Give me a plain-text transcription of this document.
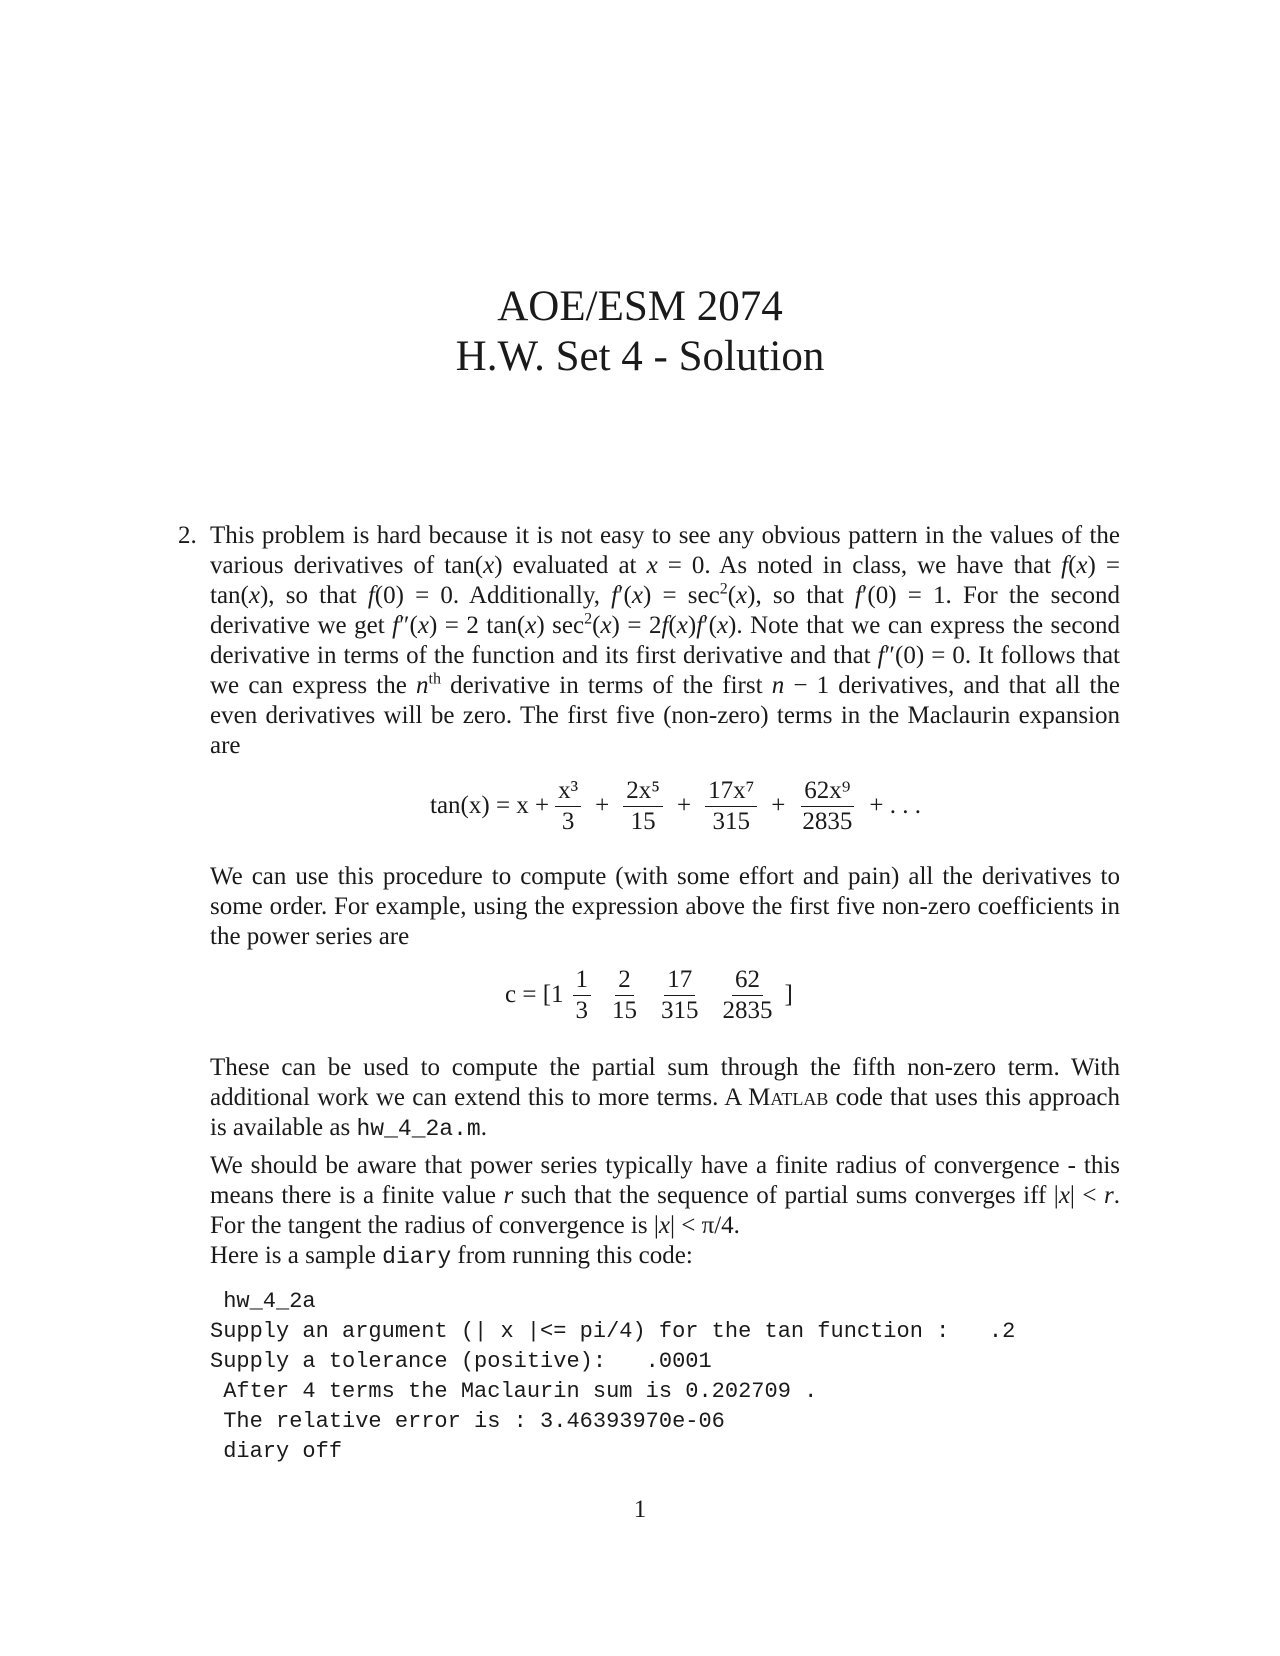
AOE/ESM 2074
H.W. Set 4 - Solution
2. This problem is hard because it is not easy to see any obvious pattern in the values of the various derivatives of tan(x) evaluated at x = 0. As noted in class, we have that f(x) = tan(x), so that f(0) = 0. Additionally, $f'(x) = \sec^2(x)$, so that f′(0) = 1. For the second derivative we get f″(x) = 2 tan(x) $\sec^2(x) = 2f(x)f'(x)$. Note that we can express the second derivative in terms of the function and its first derivative and that f″(0) = 0. It follows that we can express the $n^{th}$ derivative in terms of the first n − 1 derivatives, and that all the even derivatives will be zero. The first five (non-zero) terms in the Maclaurin expansion are
$\tan(x) = x + \frac{\text{x³}}{3} + \frac{\text{2x⁵}}{15} + \frac{\text{17x⁷}}{315} + \frac{\text{62x⁹}}{2835}$ + . . .
We can use this procedure to compute (with some effort and pain) all the derivatives to some order. For example, using the expression above the first five non-zero coefficients in the power series are
$c = [1 \frac{1}{3} \frac{2}{15} \frac{17}{315} \frac{62}{2835}$ ]
These can be used to compute the partial sum through the fifth non-zero term. With additional work we can extend this to more terms. A Matlab code that uses this approach is available as hw_4_2a.m.
We should be aware that power series typically have a finite radius of convergence - this means there is a finite value r such that the sequence of partial sums converges iff |x| < r. For the tangent the radius of convergence is |x| < π/4.
Here is a sample diary from running this code:
hw_4_2a
Supply an argument (| x |<= pi/4) for the tan function :   .2
Supply a tolerance (positive):   .0001
After 4 terms the Maclaurin sum is 0.202709 .
The relative error is : 3.46393970e-06
diary off
1
